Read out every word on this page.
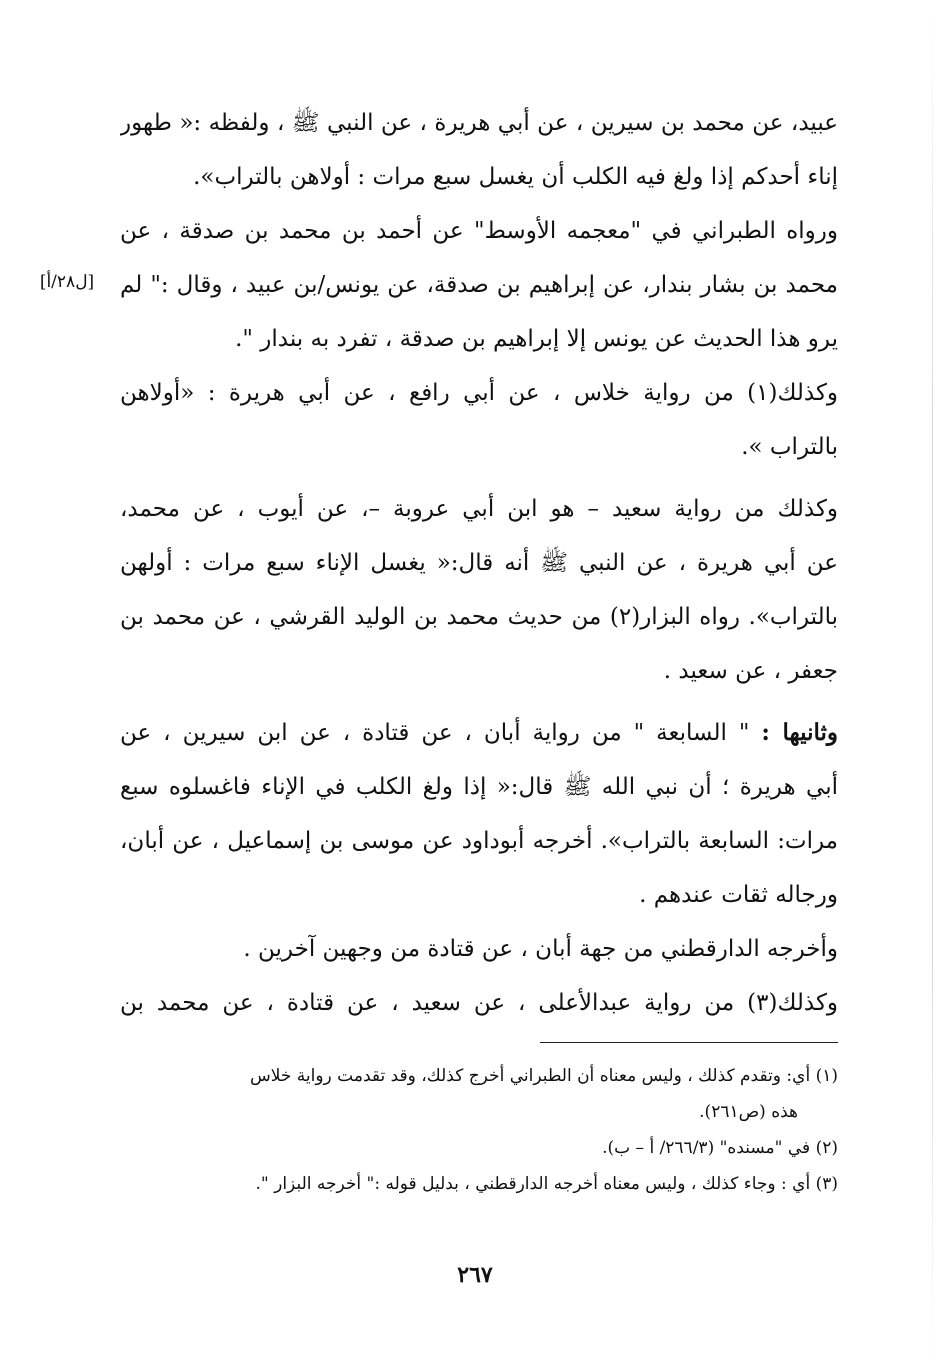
[ل٢٨/أ]
عبيد، عن محمد بن سيرين ، عن أبي هريرة ، عن النبي ﷺ ، ولفظه :« طهور
إناء أحدكم إذا ولغ فيه الكلب أن يغسل سبع مرات : أولاهن بالتراب».
ورواه الطبراني في "معجمه الأوسط" عن أحمد بن محمد بن صدقة ، عن
محمد بن بشار بندار، عن إبراهيم بن صدقة، عن يونس/بن عبيد ، وقال :" لم
يرو هذا الحديث عن يونس إلا إبراهيم بن صدقة ، تفرد به بندار ".
وكذلك(١) من رواية خلاس ، عن أبي رافع ، عن أبي هريرة : «أولاهن
بالتراب ».
وكذلك من رواية سعيد – هو ابن أبي عروبة –، عن أيوب ، عن محمد،
عن أبي هريرة ، عن النبي ﷺ أنه قال:« يغسل الإناء سبع مرات : أولهن
بالتراب». رواه البزار(٢) من حديث محمد بن الوليد القرشي ، عن محمد بن
جعفر ، عن سعيد .
وثانيها : " السابعة " من رواية أبان ، عن قتادة ، عن ابن سيرين ، عن
أبي هريرة ؛ أن نبي الله ﷺ قال:« إذا ولغ الكلب في الإناء فاغسلوه سبع
مرات: السابعة بالتراب». أخرجه أبوداود عن موسى بن إسماعيل ، عن أبان،
ورجاله ثقات عندهم .
وأخرجه الدارقطني من جهة أبان ، عن قتادة من وجهين آخرين .
وكذلك(٣) من رواية عبدالأعلى ، عن سعيد ، عن قتادة ، عن محمد بن
(١) أي: وتقدم كذلك ، وليس معناه أن الطبراني أخرج كذلك، وقد تقدمت رواية خلاس
هذه (ص٢٦١).
(٢) في "مسنده" (٢٦٦/٣/ أ – ب).
(٣) أي : وجاء كذلك ، وليس معناه أخرجه الدارقطني ، بدليل قوله :" أخرجه البزار ".
٢٦٧
